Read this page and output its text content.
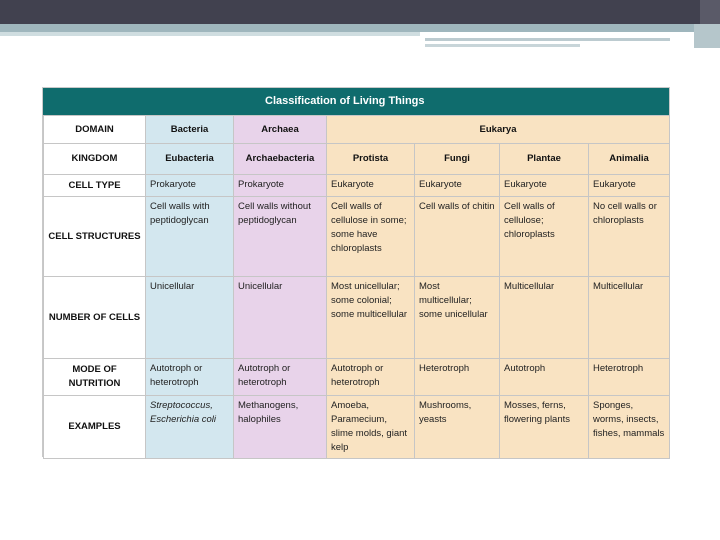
Classification of Living Things
DOMAIN	Bacteria	Archaea	Eukarya			
KINGDOM	Eubacteria	Archaebacteria	Protista	Fungi	Plantae	Animalia
CELL TYPE	Prokaryote	Prokaryote	Eukaryote	Eukaryote	Eukaryote	Eukaryote
CELL STRUCTURES	Cell walls with peptidoglycan	Cell walls without peptidoglycan	Cell walls of cellulose in some; some have chloroplasts	Cell walls of chitin	Cell walls of cellulose; chloroplasts	No cell walls or chloroplasts
NUMBER OF CELLS	Unicellular	Unicellular	Most unicellular; some colonial; some multicellular	Most multicellular; some unicellular	Multicellular	Multicellular
MODE OF NUTRITION	Autotroph or heterotroph	Autotroph or heterotroph	Autotroph or heterotroph	Heterotroph	Autotroph	Heterotroph
EXAMPLES	Streptococcus, Escherichia coli	Methanogens, halophiles	Amoeba, Paramecium, slime molds, giant kelp	Mushrooms, yeasts	Mosses, ferns, flowering plants	Sponges, worms, insects, fishes, mammals
